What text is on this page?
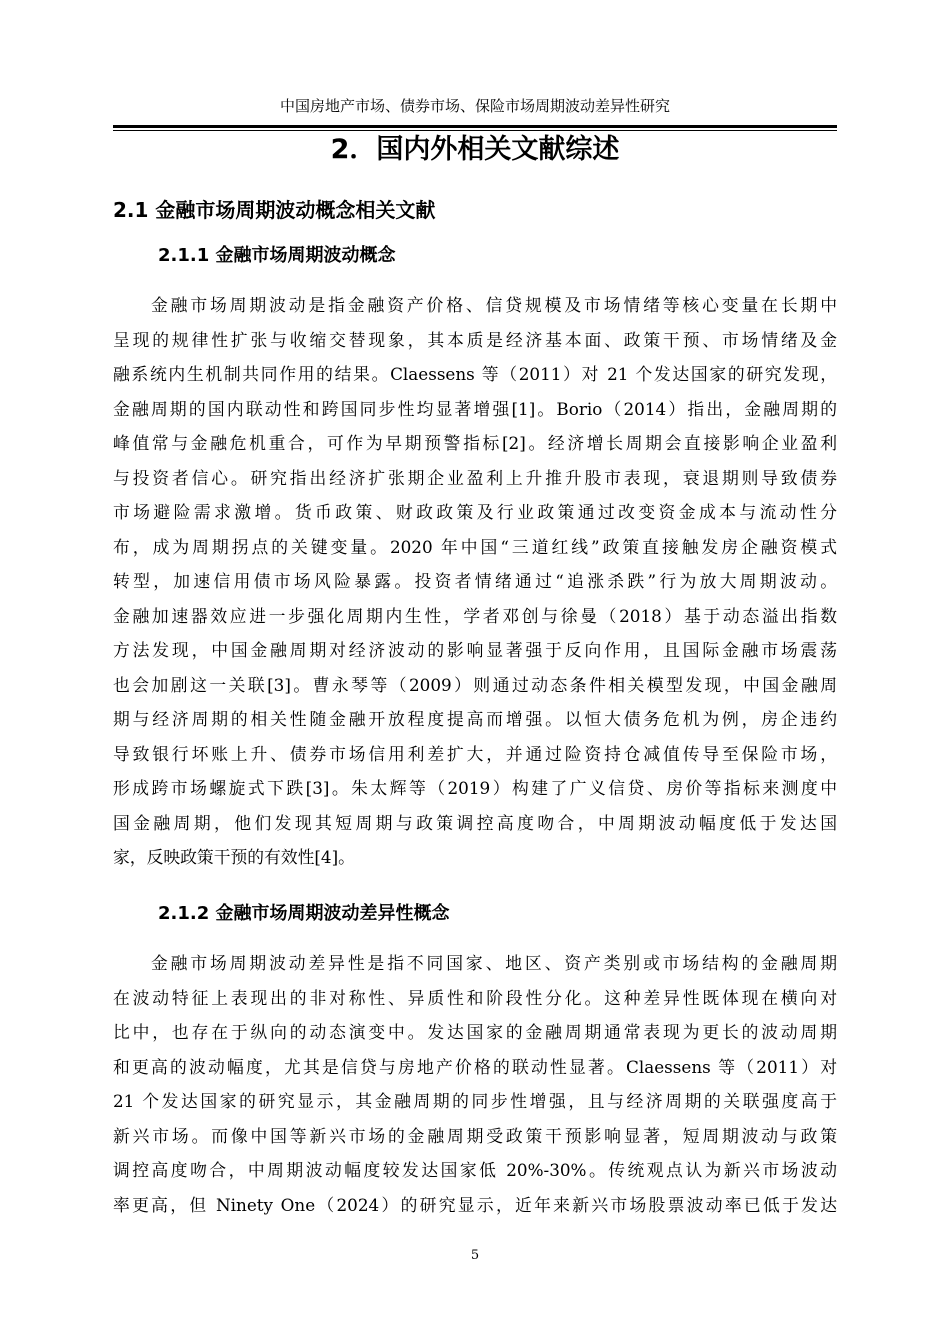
中国房地产市场、债券市场、保险市场周期波动差异性研究
2．国内外相关文献综述
2.1 金融市场周期波动概念相关文献
2.1.1 金融市场周期波动概念
金融市场周期波动是指金融资产价格、信贷规模及市场情绪等核心变量在长期中
呈现的规律性扩张与收缩交替现象，其本质是经济基本面、政策干预、市场情绪及金
融系统内生机制共同作用的结果。Claessens 等（2011）对 21 个发达国家的研究发现，
金融周期的国内联动性和跨国同步性均显著增强[1]。Borio（2014）指出，金融周期的
峰值常与金融危机重合，可作为早期预警指标[2]。经济增长周期会直接影响企业盈利
与投资者信心。研究指出经济扩张期企业盈利上升推升股市表现，衰退期则导致债券
市场避险需求激增。货币政策、财政政策及行业政策通过改变资金成本与流动性分
布，成为周期拐点的关键变量。2020 年中国“三道红线”政策直接触发房企融资模式
转型，加速信用债市场风险暴露。投资者情绪通过“追涨杀跌”行为放大周期波动。
金融加速器效应进一步强化周期内生性，学者邓创与徐曼（2018）基于动态溢出指数
方法发现，中国金融周期对经济波动的影响显著强于反向作用，且国际金融市场震荡
也会加剧这一关联[3]。曹永琴等（2009）则通过动态条件相关模型发现，中国金融周
期与经济周期的相关性随金融开放程度提高而增强。以恒大债务危机为例，房企违约
导致银行坏账上升、债券市场信用利差扩大，并通过险资持仓减值传导至保险市场，
形成跨市场螺旋式下跌[3]。朱太辉等（2019）构建了广义信贷、房价等指标来测度中
国金融周期，他们发现其短周期与政策调控高度吻合，中周期波动幅度低于发达国
家，反映政策干预的有效性[4]。
2.1.2 金融市场周期波动差异性概念
金融市场周期波动差异性是指不同国家、地区、资产类别或市场结构的金融周期
在波动特征上表现出的非对称性、异质性和阶段性分化。这种差异性既体现在横向对
比中，也存在于纵向的动态演变中。发达国家的金融周期通常表现为更长的波动周期
和更高的波动幅度，尤其是信贷与房地产价格的联动性显著。Claessens 等（2011）对
21 个发达国家的研究显示，其金融周期的同步性增强，且与经济周期的关联强度高于
新兴市场。而像中国等新兴市场的金融周期受政策干预影响显著，短周期波动与政策
调控高度吻合，中周期波动幅度较发达国家低 20%-30%。传统观点认为新兴市场波动
率更高，但 Ninety One（2024）的研究显示，近年来新兴市场股票波动率已低于发达
5
